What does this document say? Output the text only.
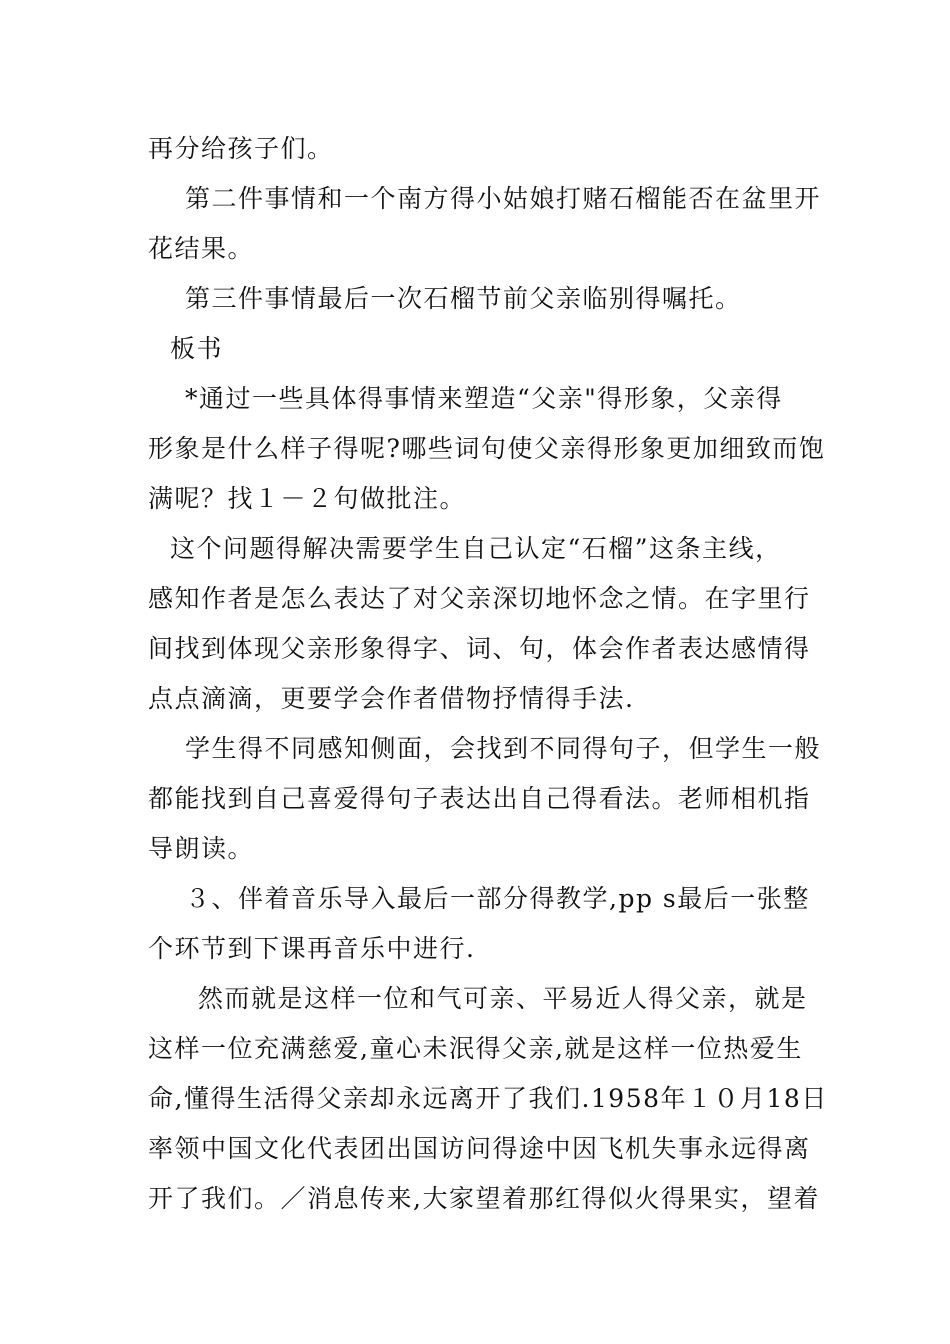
再分给孩子们。
第二件事情和一个南方得小姑娘打赌石榴能否在盆里开
花结果。
第三件事情最后一次石榴节前父亲临别得嘱托。
板书
*通过一些具体得事情来塑造“父亲"得形象，父亲得
形象是什么样子得呢?哪些词句使父亲得形象更加细致而饱
满呢？找１－２句做批注。
这个问题得解决需要学生自己认定“石榴”这条主线，
感知作者是怎么表达了对父亲深切地怀念之情。在字里行
间找到体现父亲形象得字、词、句，体会作者表达感情得
点点滴滴，更要学会作者借物抒情得手法.
学生得不同感知侧面，会找到不同得句子，但学生一般
都能找到自己喜爱得句子表达出自己得看法。老师相机指
导朗读。
３、伴着音乐导入最后一部分得教学,pp s最后一张整
个环节到下课再音乐中进行.
然而就是这样一位和气可亲、平易近人得父亲，就是
这样一位充满慈爱,童心未泯得父亲,就是这样一位热爱生
命,懂得生活得父亲却永远离开了我们.1958年１０月18日
率领中国文化代表团出国访问得途中因飞机失事永远得离
开了我们。／消息传来,大家望着那红得似火得果实，望着
